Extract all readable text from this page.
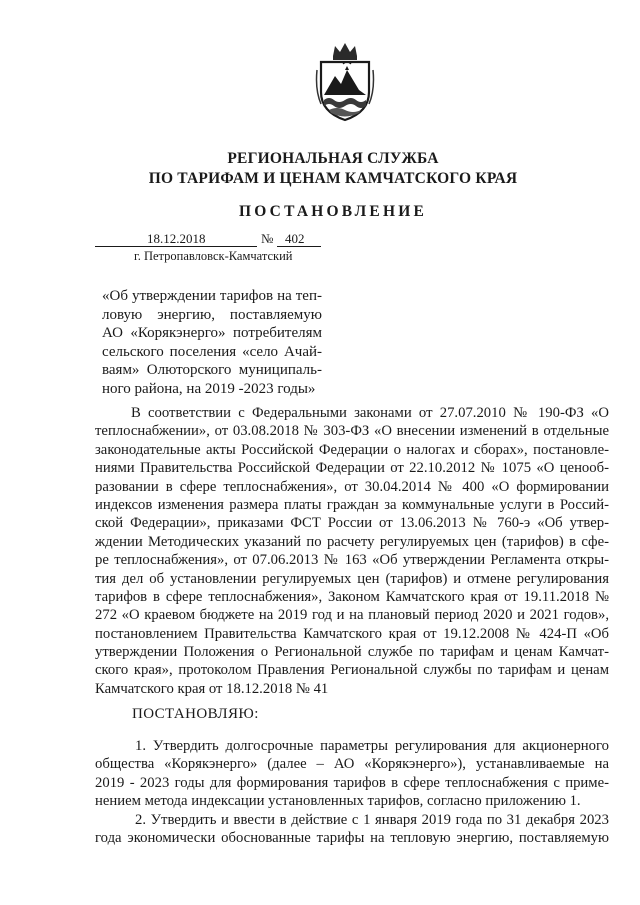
РЕГИОНАЛЬНАЯ СЛУЖБА
ПО ТАРИФАМ И ЦЕНАМ КАМЧАТСКОГО КРАЯ
ПОСТАНОВЛЕНИЕ
18.12.2018	№ 402
г. Петропавловск-Камчатский
«Об утверждении тарифов на теп-
ловую энергию, поставляемую
АО «Корякэнерго» потребителям
сельского поселения «село Ачай-
ваям» Олюторского муниципаль-
ного района, на 2019 -2023 годы»
В соответствии с Федеральными законами от 27.07.2010 № 190-ФЗ «О
теплоснабжении», от 03.08.2018 № 303-ФЗ «О внесении изменений в отдельные
законодательные акты Российской Федерации о налогах и сборах», постановле-
ниями Правительства Российской Федерации от 22.10.2012 № 1075 «О ценооб-
разовании в сфере теплоснабжения», от 30.04.2014 № 400 «О формировании
индексов изменения размера платы граждан за коммунальные услуги в Россий-
ской Федерации», приказами ФСТ России от 13.06.2013 № 760-э «Об утвер-
ждении Методических указаний по расчету регулируемых цен (тарифов) в сфе-
ре теплоснабжения», от 07.06.2013 № 163 «Об утверждении Регламента откры-
тия дел об установлении регулируемых цен (тарифов) и отмене регулирования
тарифов в сфере теплоснабжения», Законом Камчатского края от 19.11.2018 №
272 «О краевом бюджете на 2019 год и на плановый период 2020 и 2021 годов»,
постановлением Правительства Камчатского края от 19.12.2008 № 424-П «Об
утверждении Положения о Региональной службе по тарифам и ценам Камчат-
ского края», протоколом Правления Региональной службы по тарифам и ценам
Камчатского края от 18.12.2018 № 41
ПОСТАНОВЛЯЮ:
1. Утвердить долгосрочные параметры регулирования для акционерного
общества «Корякэнерго» (далее – АО «Корякэнерго»), устанавливаемые на
2019 - 2023 годы для формирования тарифов в сфере теплоснабжения с приме-
нением метода индексации установленных тарифов, согласно приложению 1.
2. Утвердить и ввести в действие с 1 января 2019 года по 31 декабря 2023
года экономически обоснованные тарифы на тепловую энергию, поставляемую
